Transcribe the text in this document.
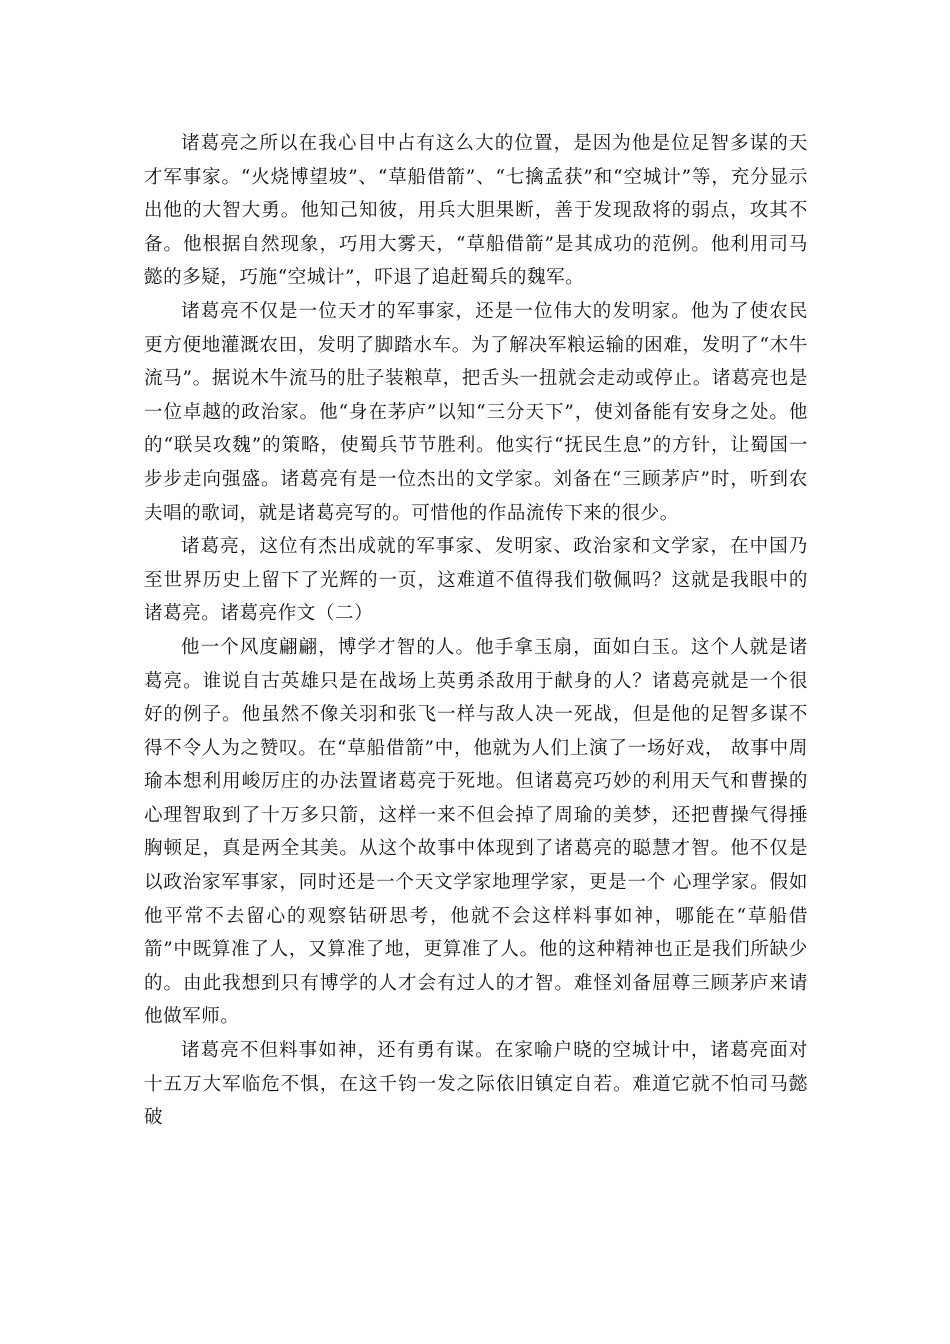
诸葛亮之所以在我心目中占有这么大的位置，是因为他是位足智多谋的天才军事家。“火烧博望坡”、“草船借箭”、“七擒孟获”和“空城计”等，充分显示出他的大智大勇。他知己知彼，用兵大胆果断，善于发现敌将的弱点，攻其不备。他根据自然现象，巧用大雾天，“草船借箭”是其成功的范例。他利用司马懿的多疑，巧施“空城计”，吓退了追赶蜀兵的魏军。

诸葛亮不仅是一位天才的军事家，还是一位伟大的发明家。他为了使农民更方便地灌溉农田，发明了脚踏水车。为了解决军粮运输的困难，发明了“木牛流马”。据说木牛流马的肚子装粮草，把舌头一扭就会走动或停止。诸葛亮也是一位卓越的政治家。他“身在茅庐”以知“三分天下”，使刘备能有安身之处。他的“联吴攻魏”的策略，使蜀兵节节胜利。他实行“抚民生息”的方针，让蜀国一步步走向强盛。诸葛亮有是一位杰出的文学家。刘备在“三顾茅庐”时，听到农夫唱的歌词，就是诸葛亮写的。可惜他的作品流传下来的很少。

诸葛亮，这位有杰出成就的军事家、发明家、政治家和文学家，在中国乃至世界历史上留下了光辉的一页，这难道不值得我们敬佩吗？这就是我眼中的诸葛亮。诸葛亮作文（二）

他一个风度翩翩，博学才智的人。他手拿玉扇，面如白玉。这个人就是诸葛亮。谁说自古英雄只是在战场上英勇杀敌用于献身的人？诸葛亮就是一个很好的例子。他虽然不像关羽和张飞一样与敌人决一死战，但是他的足智多谋不得不令人为之赞叹。在“草船借箭”中，他就为人们上演了一场好戏， 故事中周瑜本想利用峻厉庄的办法置诸葛亮于死地。但诸葛亮巧妙的利用天气和曹操的心理智取到了十万多只箭，这样一来不但会掉了周瑜的美梦，还把曹操气得捶胸顿足，真是两全其美。从这个故事中体现到了诸葛亮的聪慧才智。他不仅是以政治家军事家，同时还是一个天文学家地理学家，更是一个 心理学家。假如他平常不去留心的观察钻研思考，他就不会这样料事如神，哪能在“草船借箭”中既算准了人，又算准了地，更算准了人。他的这种精神也正是我们所缺少的。由此我想到只有博学的人才会有过人的才智。难怪刘备屈尊三顾茅庐来请他做军师。

诸葛亮不但料事如神，还有勇有谋。在家喻户晓的空城计中，诸葛亮面对十五万大军临危不惧，在这千钧一发之际依旧镇定自若。难道它就不怕司马懿破
